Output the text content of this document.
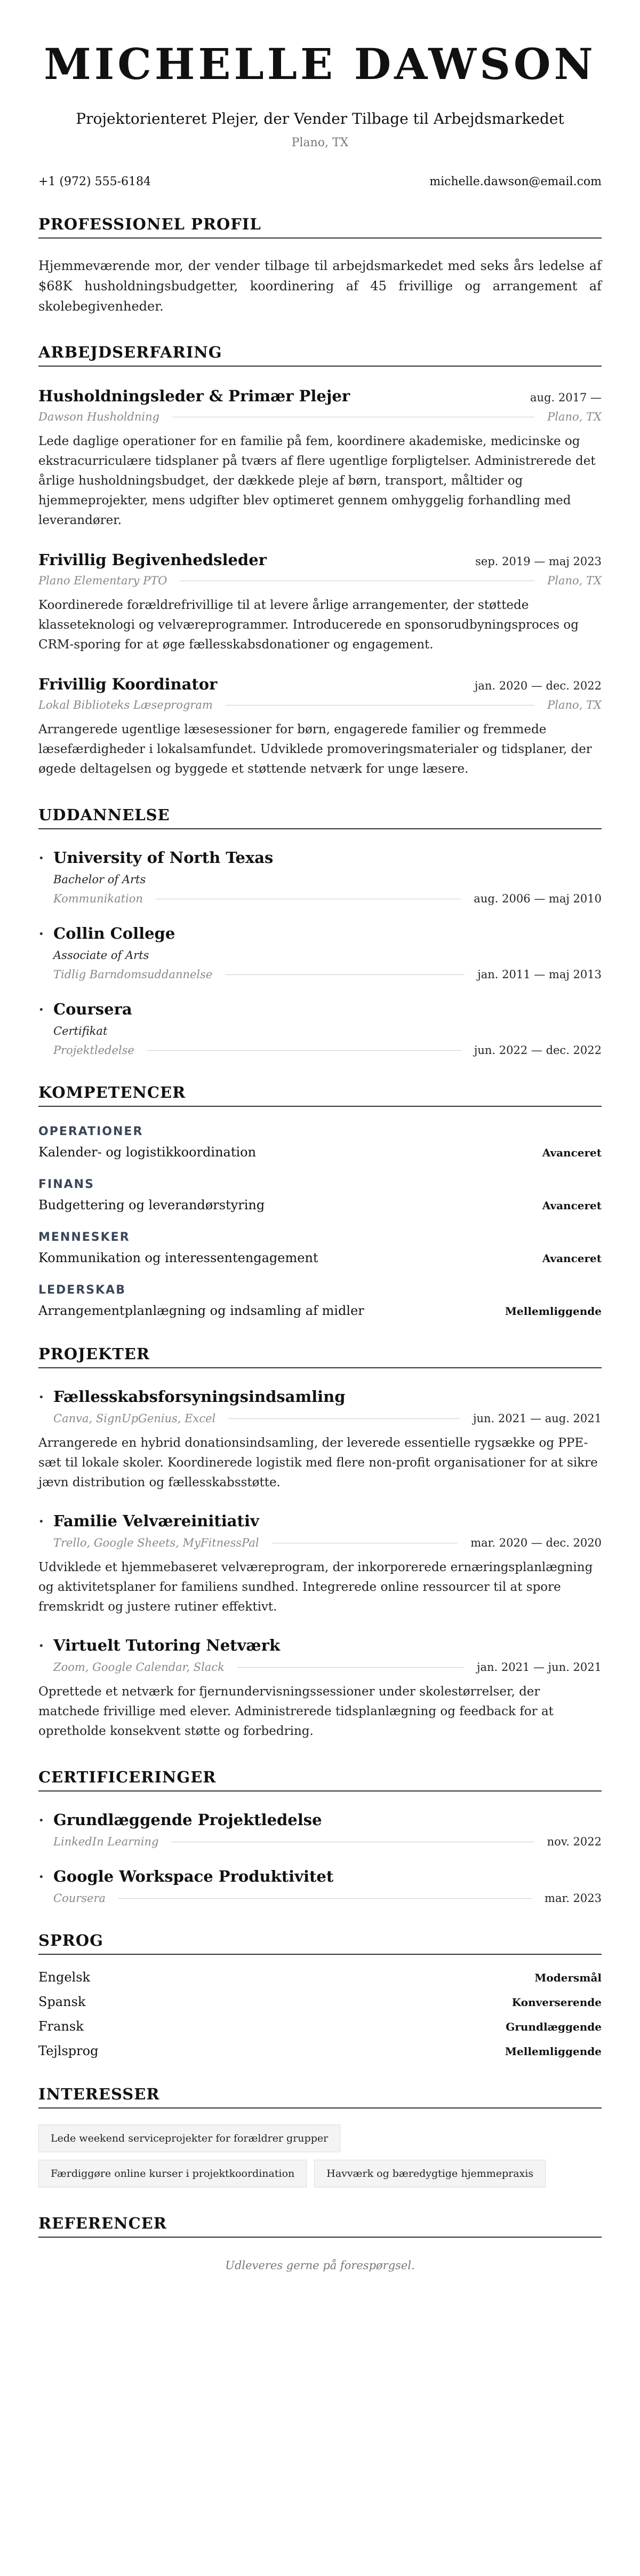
MICHELLE DAWSON
Projektorienteret Plejer, der Vender Tilbage til Arbejdsmarkedet
Plano, TX
+1 (972) 555-6184	michelle.dawson@email.com
PROFESSIONEL PROFIL
Hjemmeværende mor, der vender tilbage til arbejdsmarkedet med seks års ledelse af $68K husholdningsbudgetter, koordinering af 45 frivillige og arrangement af skolebegivenheder.
ARBEJDSERFARING
Husholdningsleder & Primær Plejer	aug. 2017 —
Dawson Husholdning	Plano, TX
Lede daglige operationer for en familie på fem, koordinere akademiske, medicinske og ekstracurriculære tidsplaner på tværs af flere ugentlige forpligtelser. Administrerede det årlige husholdningsbudget, der dækkede pleje af børn, transport, måltider og hjemmeprojekter, mens udgifter blev optimeret gennem omhyggelig forhandling med leverandører.
Frivillig Begivenhedsleder	sep. 2019 — maj 2023
Plano Elementary PTO	Plano, TX
Koordinerede forældrefrivillige til at levere årlige arrangementer, der støttede klasseteknologi og velværeprogrammer. Introducerede en sponsorudbyningsproces og CRM-sporing for at øge fællesskabsdonationer og engagement.
Frivillig Koordinator	jan. 2020 — dec. 2022
Lokal Biblioteks Læseprogram	Plano, TX
Arrangerede ugentlige læsesessioner for børn, engagerede familier og fremmede læsefærdigheder i lokalsamfundet. Udviklede promoveringsmaterialer og tidsplaner, der øgede deltagelsen og byggede et støttende netværk for unge læsere.
UDDANNELSE
• University of North Texas
Bachelor of Arts
Kommunikation	aug. 2006 — maj 2010
• Collin College
Associate of Arts
Tidlig Barndomsuddannelse	jan. 2011 — maj 2013
• Coursera
Certifikat
Projektledelse	jun. 2022 — dec. 2022
KOMPETENCER
OPERATIONER
Kalender- og logistikkoordination	Avanceret
FINANS
Budgettering og leverandørstyring	Avanceret
MENNESKER
Kommunikation og interessentengagement	Avanceret
LEDERSKAB
Arrangementplanlægning og indsamling af midler	Mellemliggende
PROJEKTER
• Fællesskabsforsyningsindsamling
Canva, SignUpGenius, Excel	jun. 2021 — aug. 2021
Arrangerede en hybrid donationsindsamling, der leverede essentielle rygsække og PPE-sæt til lokale skoler. Koordinerede logistik med flere non-profit organisationer for at sikre jævn distribution og fællesskabsstøtte.
• Familie Velværeinitiativ
Trello, Google Sheets, MyFitnessPal	mar. 2020 — dec. 2020
Udviklede et hjemmebaseret velværeprogram, der inkorporerede ernæringsplanlægning og aktivitetsplaner for familiens sundhed. Integrerede online ressourcer til at spore fremskridt og justere rutiner effektivt.
• Virtuelt Tutoring Netværk
Zoom, Google Calendar, Slack	jan. 2021 — jun. 2021
Oprettede et netværk for fjernundervisningssessioner under skolestørrelser, der matchede frivillige med elever. Administrerede tidsplanlægning og feedback for at opretholde konsekvent støtte og forbedring.
CERTIFICERINGER
• Grundlæggende Projektledelse
LinkedIn Learning	nov. 2022
• Google Workspace Produktivitet
Coursera	mar. 2023
SPROG
Engelsk	Modersmål
Spansk	Konverserende
Fransk	Grundlæggende
Tejlsprog	Mellemliggende
INTERESSER
Lede weekend serviceprojekter for forældrer grupper
Færdiggøre online kurser i projektkoordination	Havværk og bæredygtige hjemmepraxis
REFERENCER
Udleveres gerne på forespørgsel.
